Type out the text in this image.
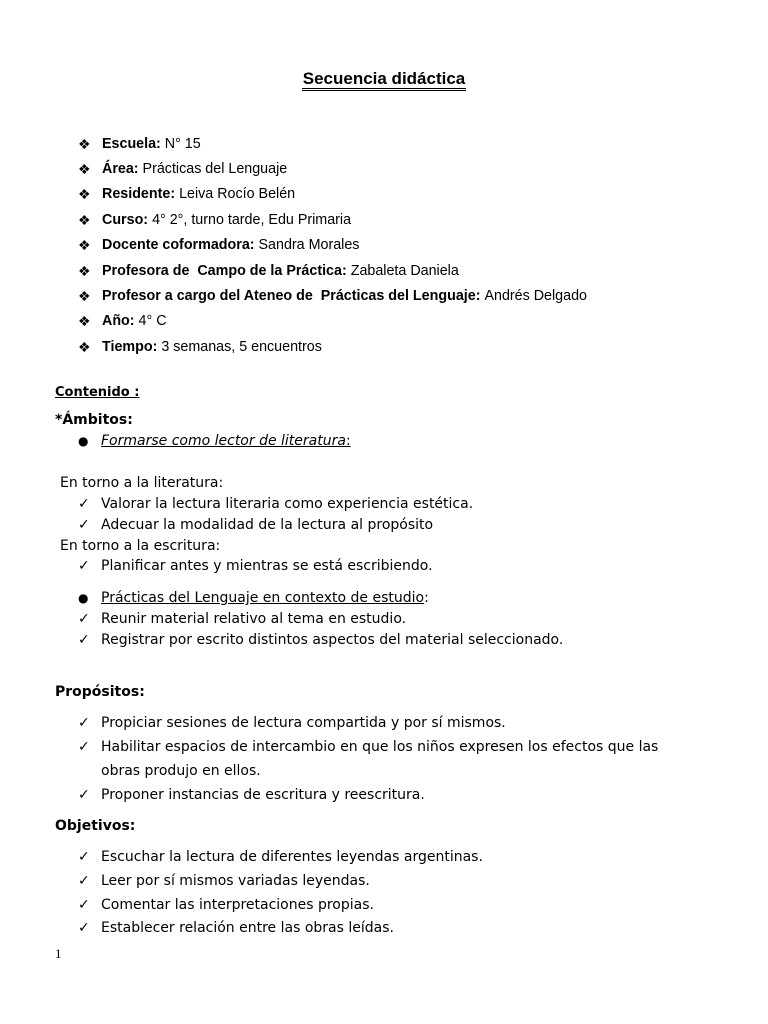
Secuencia didáctica
❖ Escuela:
N° 15
❖ Área:
Prácticas del Lenguaje
❖ Residente:
Leiva Rocío Belén
❖ Curso:
4° 2°, turno tarde, Edu Primaria
❖ Docente coformadora:
Sandra Morales
❖ Profesora de  Campo de la Práctica:
Zabaleta Daniela
❖ Profesor a cargo del Ateneo de  Prácticas del Lenguaje:
Andrés Delgado
❖ Año:
4° C
❖ Tiempo:
3 semanas, 5 encuentros
Contenido :
*Ámbitos:
● Formarse como lector de literatura :
En torno a la literatura:
✓ Valorar la lectura literaria como experiencia estética.
✓ Adecuar la modalidad de la lectura al propósito
En torno a la escritura:
✓ Planificar antes y mientras se está escribiendo.
● Prácticas del Lenguaje en contexto de estudio :
✓ Reunir material relativo al tema en estudio.
✓ Registrar por escrito distintos aspectos del material seleccionado.
Propósitos:
✓ Propiciar sesiones de lectura compartida y por sí mismos.
✓ Habilitar espacios de intercambio en que los niños expresen los efectos que las
obras produjo en ellos.
✓ Proponer instancias de escritura y reescritura.
Objetivos:
✓ Escuchar la lectura de diferentes leyendas argentinas.
✓ Leer por sí mismos variadas leyendas.
✓ Comentar las interpretaciones propias.
✓ Establecer relación entre las obras leídas.
1
